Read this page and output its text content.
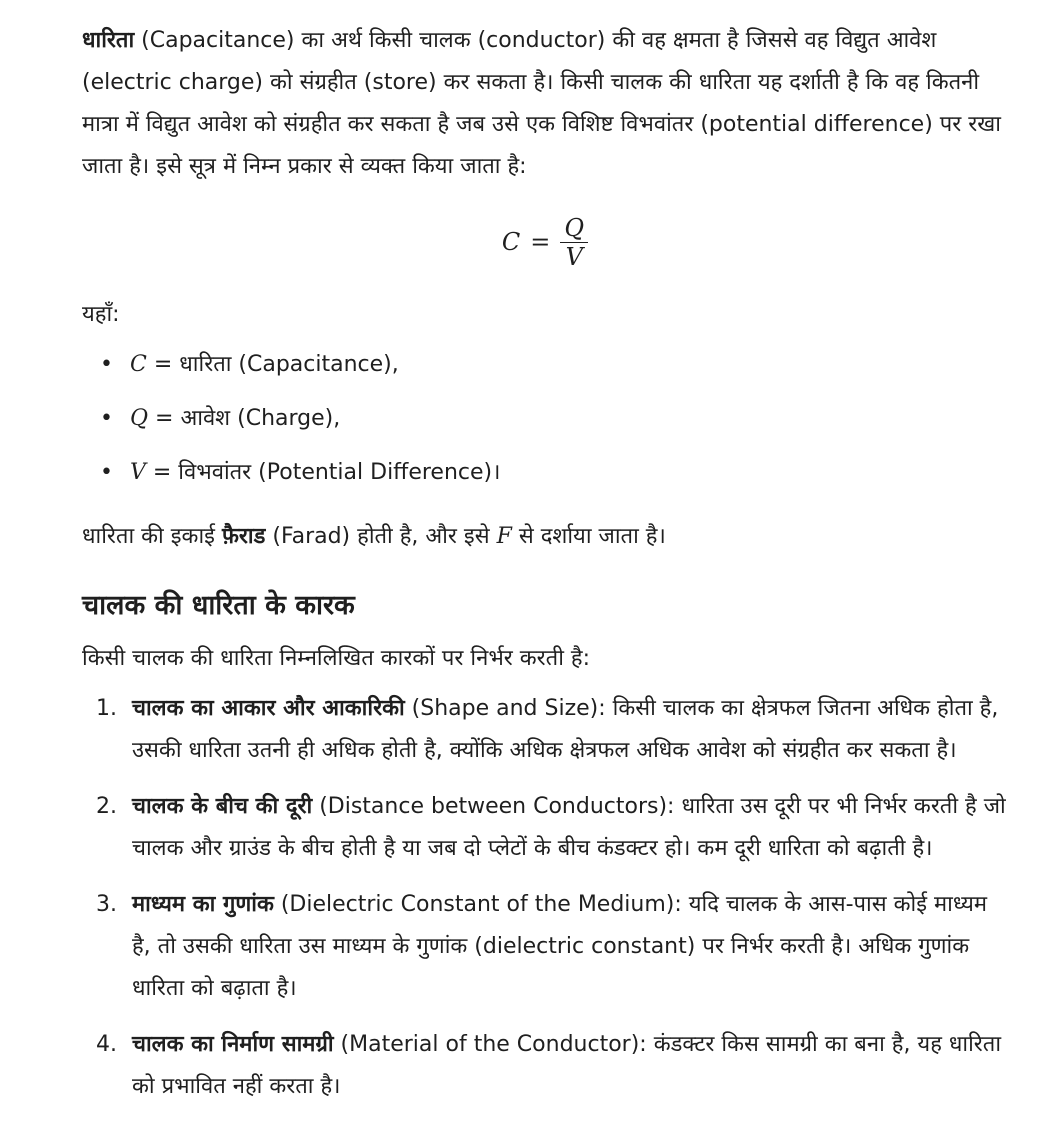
धारिता (Capacitance) का अर्थ किसी चालक (conductor) की वह क्षमता है जिससे वह विद्युत आवेश (electric charge) को संग्रहीत (store) कर सकता है। किसी चालक की धारिता यह दर्शाती है कि वह कितनी मात्रा में विद्युत आवेश को संग्रहीत कर सकता है जब उसे एक विशिष्ट विभवांतर (potential difference) पर रखा जाता है। इसे सूत्र में निम्न प्रकार से व्यक्त किया जाता है:

$C = \frac{Q}{V}$

यहाँ:

• C = धारिता (Capacitance),
• Q = आवेश (Charge),
• V = विभवांतर (Potential Difference)।

धारिता की इकाई फ़ैराड (Farad) होती है, और इसे F से दर्शाया जाता है।

चालक की धारिता के कारक

किसी चालक की धारिता निम्नलिखित कारकों पर निर्भर करती है:

1. चालक का आकार और आकारिकी (Shape and Size): किसी चालक का क्षेत्रफल जितना अधिक होता है, उसकी धारिता उतनी ही अधिक होती है, क्योंकि अधिक क्षेत्रफल अधिक आवेश को संग्रहीत कर सकता है।
2. चालक के बीच की दूरी (Distance between Conductors): धारिता उस दूरी पर भी निर्भर करती है जो चालक और ग्राउंड के बीच होती है या जब दो प्लेटों के बीच कंडक्टर हो। कम दूरी धारिता को बढ़ाती है।
3. माध्यम का गुणांक (Dielectric Constant of the Medium): यदि चालक के आस-पास कोई माध्यम है, तो उसकी धारिता उस माध्यम के गुणांक (dielectric constant) पर निर्भर करती है। अधिक गुणांक धारिता को बढ़ाता है।
4. चालक का निर्माण सामग्री (Material of the Conductor): कंडक्टर किस सामग्री का बना है, यह धारिता को प्रभावित नहीं करता है।
